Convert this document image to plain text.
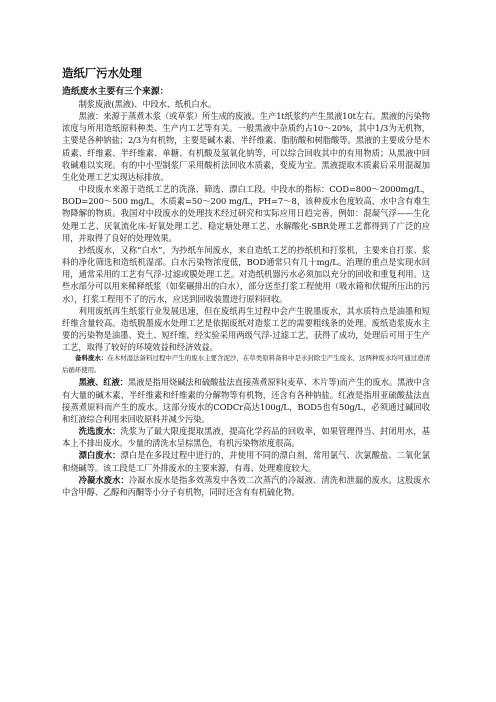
造纸厂污水处理
造纸废水主要有三个来源：

制浆废液(黑液)、中段水、纸机白水。

黑液：来源于蒸煮木浆（或草浆）所生成的废液。生产1t纸浆约产生黑液10t左右。黑液的污染物浓度与所用造纸原料种类、生产内工艺等有关。一般黑液中杂质约占10～20%，其中1/3为无机物，主要是各种钠盐；2/3为有机物，主要是碱木素、半纤维素、脂肪酸和树脂酸等。黑液的主要成分是木质素、纤维素、半纤维素、单糖、有机酸及氢氧化钠等，可以综合回收其中的有用物质；从黑液中回收碱难以实现。有的中小型制浆厂采用酸析法回收木质素，变废为宝。黑液提取木质素后采用混凝加生化处理工艺实现达标排放。

中段废水来源于造纸工艺的洗涤、筛选、漂白工段。中段水的指标：COD=800～2000mg/L，BOD=200～500 mg/L，木质素=50～200 mg/L，PH=7～8，该种废水色度较高，水中含有难生物降解的物质。我国对中段废水的处理技术经过研究和实际应用日趋完善，例如：混凝气浮——生化处理工艺、厌氧流化床-好氧处理工艺、稳定塘处理工艺、水解酸化-SBR处理工艺都得到了广泛的应用，并取得了良好的处理效果。

抄纸废水，又称“白水”，为抄纸车间废水，来自造纸工艺的抄纸机和打浆机，主要来自打浆、浆料的净化筛选和造纸机湿部。白水污染物浓度低，BOD通常只有几十mg/L。治理的重点是实现水回用，通常采用的工艺有气浮-过滤或膜处理工艺。对造纸机器污水必须加以充分的回收和重复利用。这些水部分可以用来稀释纸浆（如桨碾排出的白水），部分送至打浆工程使用（吸水箱和伏辊所压出的污水），打浆工程用不了的污水，应送到回收装置进行原料回收。

利用废纸再生纸浆行业发展迅速，但在废纸再生过程中会产生脱墨废水，其水质特点是油墨和短纤维含量较高。造纸脱墨废水处理工艺是依据废纸对造浆工艺的需要粗线条的处理。废纸造浆废水主要的污染物是油墨、瓷土、短纤维，经实验采用两级气浮-过滤工艺，获得了成功，处理后可用于生产工艺，取得了较好的环境效益和经济效益。

备料废水：在木材湿法备料过程中产生的废水主要含泥沙，在草类原料备料中是水封除尘产生废水，这两种废水均可通过澄清后循环使用。

黑液、红液：黑液是指用烧碱法和硫酸盐法直接蒸煮原料(麦草、木片等)而产生的废水。黑液中含有大量的碱木素、半纤维素和纤维素的分解物等有机物，还含有各种钠盐。红液是指用亚硫酸盐法直接蒸煮原料而产生的废水。这部分废水的CODCr高达100g/L，BOD5也有50g/L，必须通过碱回收和红液综合利用来回收原料并减少污染。

洗选废水：洗浆为了最大限度提取黑液，提高化学药品的回收率，如果管理得当、封闭用水，基本上不排出废水。少量的清洗水呈棕黑色，有机污染物浓度很高。

漂白废水：漂白是在多段过程中进行的，并使用不同的漂白剂，常用氯气、次氯酸盐、二氧化氯和烧碱等。该工段是工厂外排废水的主要来源，有毒、处理难度较大。

冷凝水废水：冷凝水废水是指多效蒸发中各效二次蒸汽的冷凝液、清洗和泄漏的废水。这股废水中含甲醇、乙醇和丙酮等小分子有机物，同时还含有有机硫化物。
